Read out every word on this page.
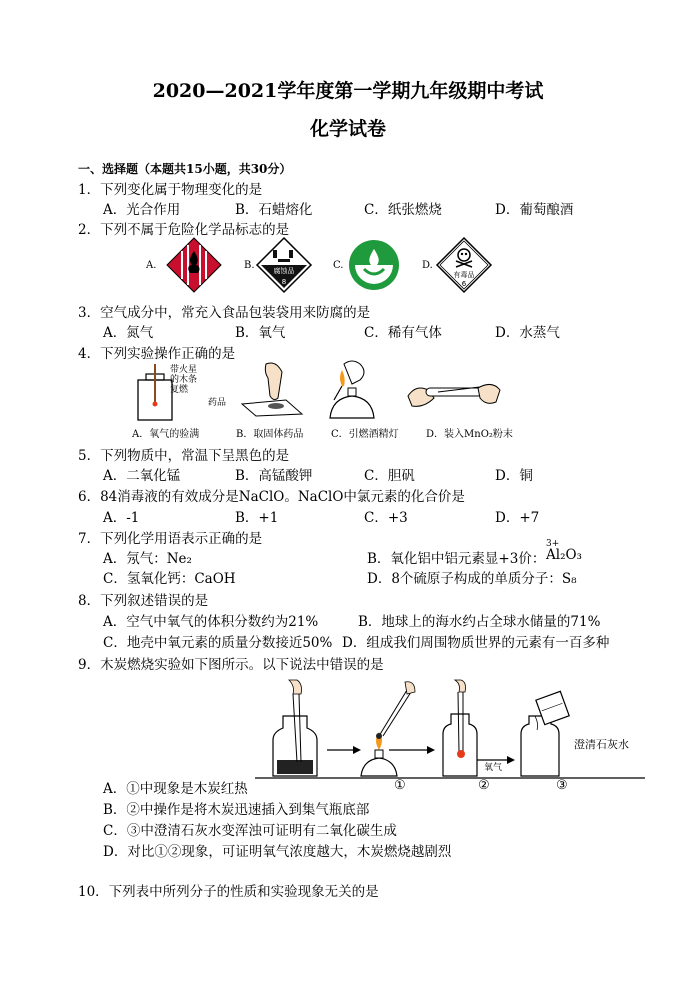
2020—2021学年度第一学期九年级期中考试
化学试卷
一、选择题（本题共15小题，共30分）
1．下列变化属于物理变化的是
A．光合作用	B．石蜡熔化	C．纸张燃烧	D．葡萄酿酒
2．下列不属于危险化学品标志的是
A.	B.	C.	D.
腐蚀品
8
有毒品
6
3．空气成分中，常充入食品包装袋用来防腐的是
A．氮气	B．氧气	C．稀有气体	D．水蒸气
4．下列实验操作正确的是
带火星
的木条
复燃
药品
A．氧气的验满	B．取固体药品	C．引燃酒精灯	D．装入MnO₂粉末
5．下列物质中，常温下呈黑色的是
A．二氧化锰	B．高锰酸钾	C．胆矾	D．铜
6．84消毒液的有效成分是NaClO。NaClO中氯元素的化合价是
A．-1	B．+1	C．+3	D．+7
7．下列化学用语表示正确的是
A．氖气：Ne₂	B．氧化铝中铝元素显+3价：
3+
Al₂O₃
C．氢氧化钙：CaOH	D．8个硫原子构成的单质分子：S₈
8．下列叙述错误的是
A．空气中氧气的体积分数约为21%	B．地球上的海水约占全球水储量的71%
C．地壳中氧元素的质量分数接近50% D．组成我们周围物质世界的元素有一百多种
9．木炭燃烧实验如下图所示。以下说法中错误的是
氧气
澄清石灰水
①	②	③
A．①中现象是木炭红热
B．②中操作是将木炭迅速插入到集气瓶底部
C．③中澄清石灰水变浑浊可证明有二氧化碳生成
D．对比①②现象，可证明氧气浓度越大，木炭燃烧越剧烈
10．下列表中所列分子的性质和实验现象无关的是
